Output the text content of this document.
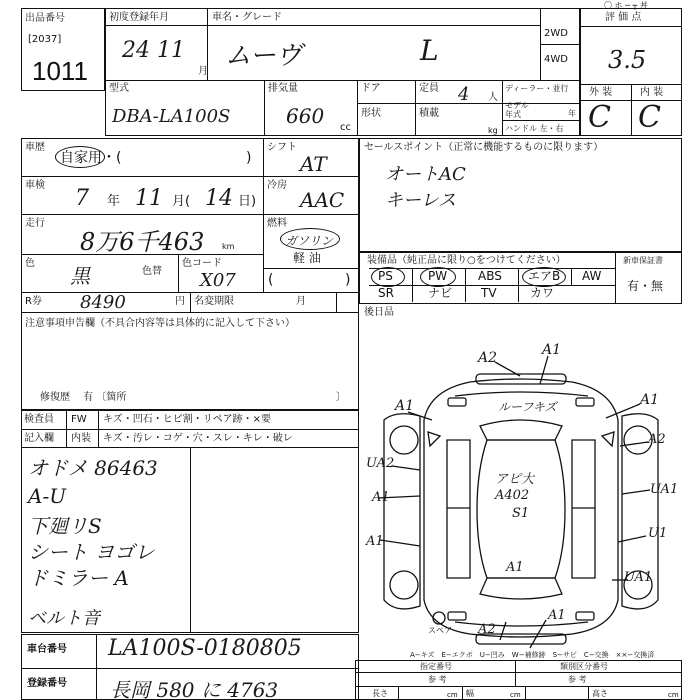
出品番号
[2037]
1011
初度登録年月
24 11
月
車名・グレード
ムーヴ	L
2WD
4WD
評 価 点
3.5
外 装	内 装
C C
型式
DBA-LA100S
排気量
660 cc
ドア	定員 4 人
ディーラー・並行
モデル年式	年
形状	積載
kg ハンドル 左・右
車歴
自家用・(	)
シフト
AT
車検
7 年 11 月( 14 日)
冷房
AAC
走行
8万6千463 km
燃料
ガソリン
軽 油
色
黒	色替
色コード
X07 (	)
R券 8490	円 名変期限	月
注意事項申告欄（不具合内容等は具体的に記入して下さい）
修復歴　 有 〔箇所	〕
セールスポイント（正常に機能するものに限ります）
オートAC
キーレス
装備品（純正品に限り○をつけてください）	新車保証書
有・無
PS	PW	ABS エアB AW
SR	ナビ TV	カワ
後日品
検査員
記入欄
FW キズ・凹石・ヒビ割・リペア跡・×要
内装 キズ・汚レ・コゲ・穴・スレ・キレ・破レ
オドメ 86463
A-U
下廻リS
シート ヨゴレ
ドミラー A
ベルト音
A2	A1
ルーフキズ
A1	A1
A2
UA2
アピ大
A402
S1
UA1
A1
A1
U1
A1
UA1
A2
A1
スペア
A−キズ　E−エクボ　U−凹み　W−補修跡　S−サビ　C−交換　××−交換済
車台番号 LA100S-0180805
登録番号 長岡 580 に 4763
指定番号	類別区分番号
参 考	参 考
長さ	cm 幅	cm	高さ	cm
〇 ホ ─ ┬ 丼
